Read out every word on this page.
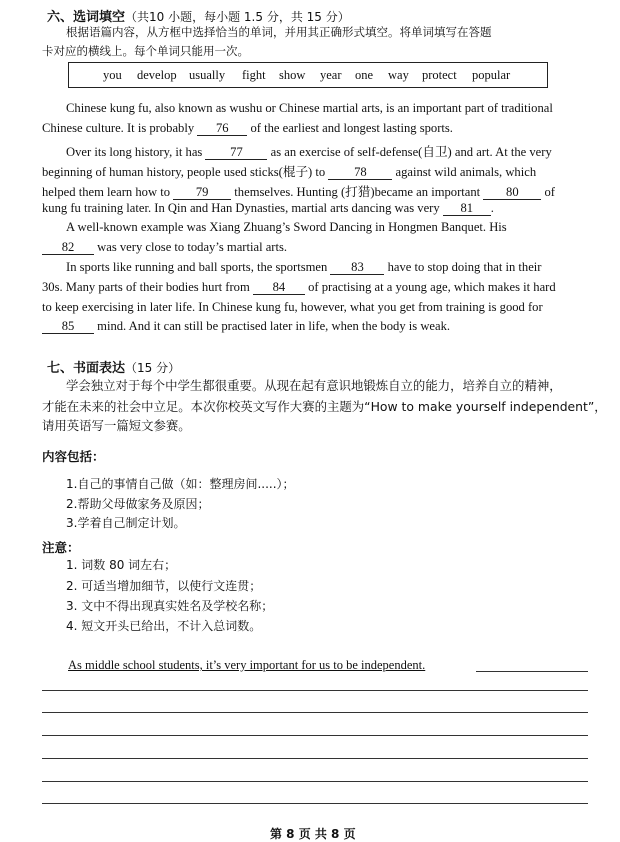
六、选词填空（共10 小题，每小题 1.5 分，共 15 分）
根据语篇内容，从方框中选择恰当的单词，并用其正确形式填空。将单词填写在答题
卡对应的横线上。每个单词只能用一次。
you develop usually fight show year one way protect popular
Chinese kung fu, also known as wushu or Chinese martial arts, is an important part of traditional
Chinese culture. It is probably 76 of the earliest and longest lasting sports.
Over its long history, it has 77 as an exercise of self-defense(自卫) and art. At the very
beginning of human history, people used sticks(棍子) to 78 against wild animals, which
helped them learn how to 79 themselves. Hunting (打猎)became an important 80 of
kung fu training later. In Qin and Han Dynasties, martial arts dancing was very 81 .
A well-known example was Xiang Zhuang’s Sword Dancing in Hongmen Banquet. His
82 was very close to today’s martial arts.
In sports like running and ball sports, the sportsmen 83 have to stop doing that in their
30s. Many parts of their bodies hurt from 84 of practising at a young age, which makes it hard
to keep exercising in later life. In Chinese kung fu, however, what you get from training is good for
85 mind. And it can still be practised later in life, when the body is weak.
七、书面表达（15 分）
学会独立对于每个中学生都很重要。从现在起有意识地锻炼自立的能力，培养自立的精神，
才能在未来的社会中立足。本次你校英文写作大赛的主题为“How to make yourself independent”，
请用英语写一篇短文参赛。
内容包括：
1.自己的事情自己做（如：整理房间.....）；
2.帮助父母做家务及原因；
3.学着自己制定计划。
注意：
1. 词数 80 词左右；
2. 可适当增加细节，以使行文连贯；
3. 文中不得出现真实姓名及学校名称；
4. 短文开头已给出，不计入总词数。
As middle school students, it’s very important for us to be independent.
第 8 页 共 8 页
